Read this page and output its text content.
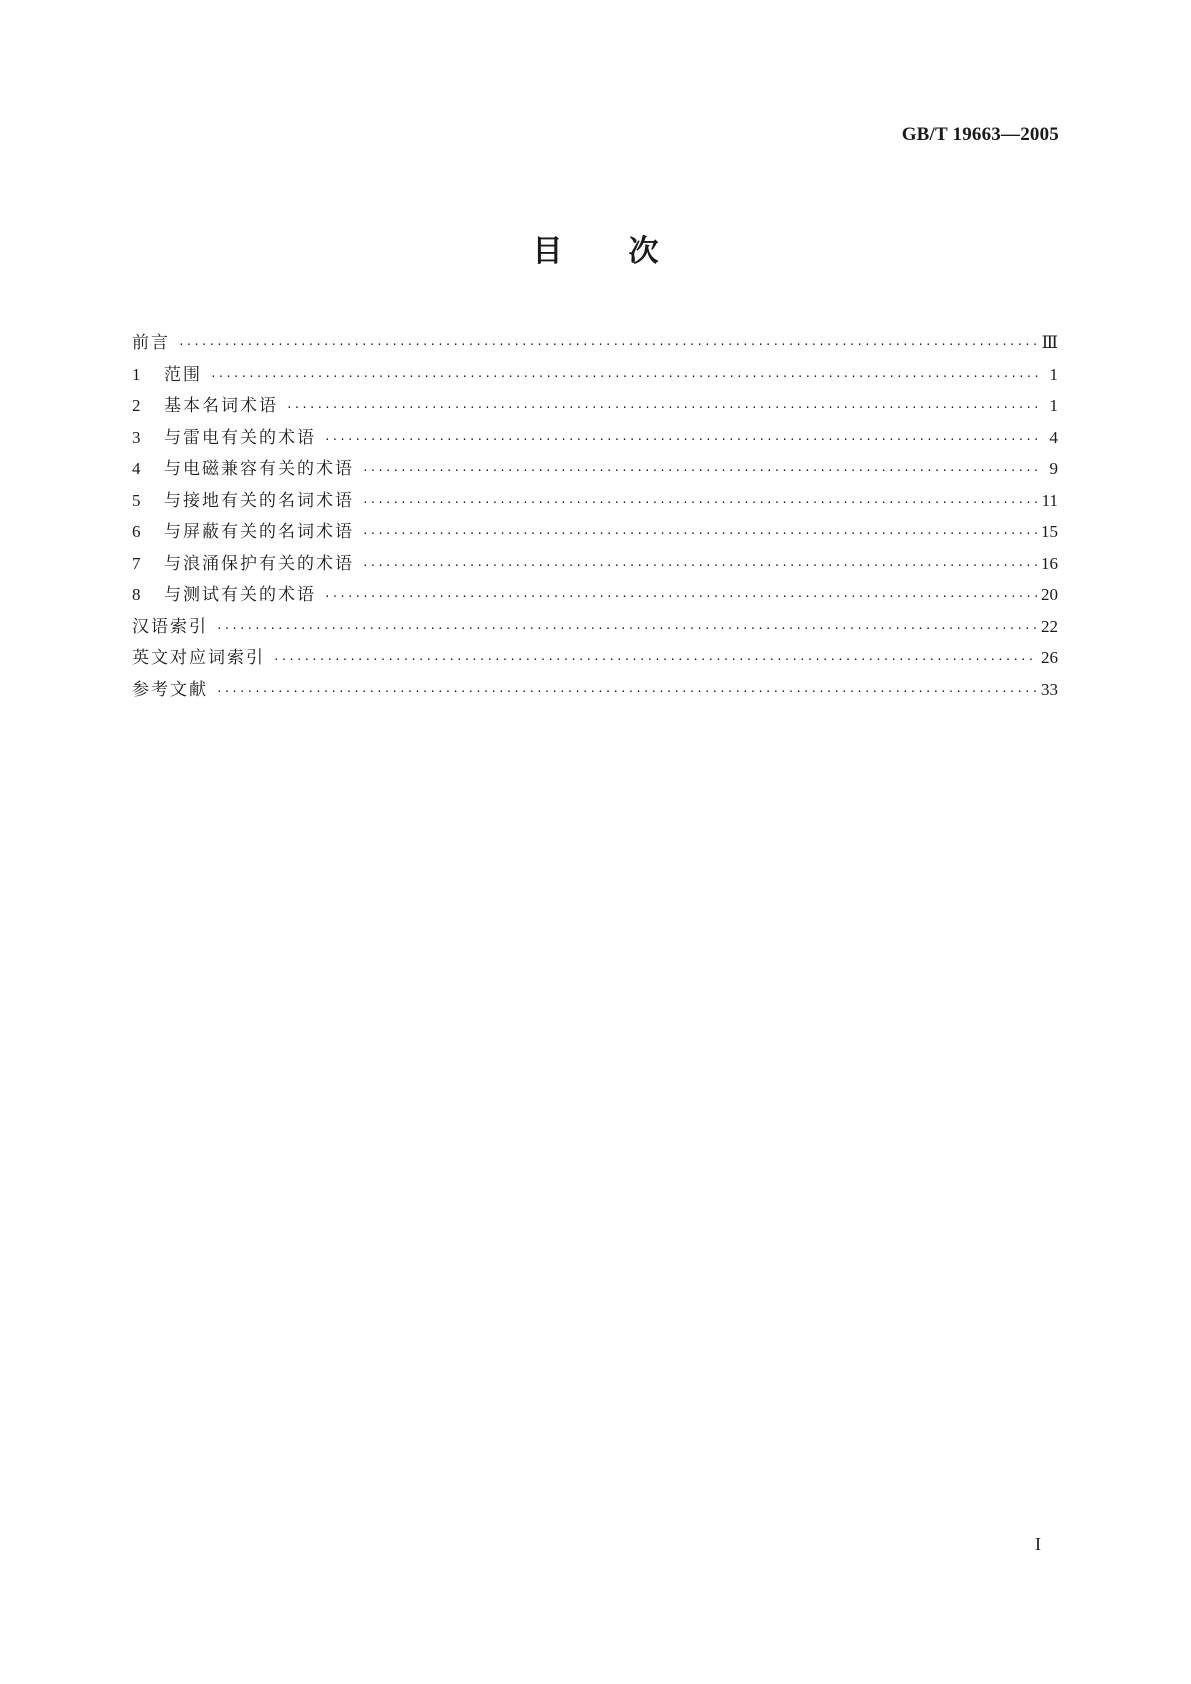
GB/T 19663—2005
目次
前言 ·····	Ⅲ
1	范围 ·····	1
2	基本名词术语 ·····	1
3	与雷电有关的术语 ·····	4
4	与电磁兼容有关的术语 ·····	9
5	与接地有关的名词术语 ·····	11
6	与屏蔽有关的名词术语 ·····	15
7	与浪涌保护有关的术语 ·····	16
8	与测试有关的术语 ·····	20
汉语索引 ·····	22
英文对应词索引 ·····	26
参考文献 ·····	33
I
